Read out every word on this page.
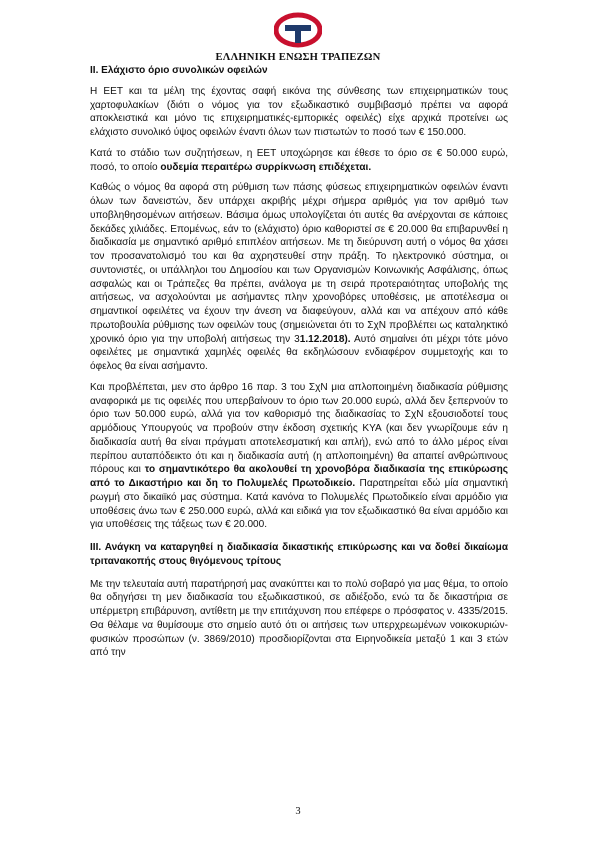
ΕΛΛΗΝΙΚΗ ΕΝΩΣΗ ΤΡΑΠΕΖΩΝ

ΙΙ. Ελάχιστο όριο συνολικών οφειλών

Η ΕΕΤ και τα μέλη της έχοντας σαφή εικόνα της σύνθεσης των επιχειρηματικών τους χαρτοφυλακίων (διότι ο νόμος για τον εξωδικαστικό συμβιβασμό πρέπει να αφορά αποκλειστικά και μόνο τις επιχειρηματικές-εμπορικές οφειλές) είχε αρχικά προτείνει ως ελάχιστο συνολικό ύψος οφειλών έναντι όλων των πιστωτών το ποσό των € 150.000.

Κατά το στάδιο των συζητήσεων, η ΕΕΤ υποχώρησε και έθεσε το όριο σε € 50.000 ευρώ, ποσό, το οποίο ουδεμία περαιτέρω συρρίκνωση επιδέχεται.

Καθώς ο νόμος θα αφορά στη ρύθμιση των πάσης φύσεως επιχειρηματικών οφειλών έναντι όλων των δανειστών, δεν υπάρχει ακριβής μέχρι σήμερα αριθμός για τον αριθμό των υποβληθησομένων αιτήσεων. Βάσιμα όμως υπολογίζεται ότι αυτές θα ανέρχονται σε κάποιες δεκάδες χιλιάδες. Επομένως, εάν το (ελάχιστο) όριο καθοριστεί σε € 20.000 θα επιβαρυνθεί η διαδικασία με σημαντικό αριθμό επιπλέον αιτήσεων. Με τη διεύρυνση αυτή ο νόμος θα χάσει τον προσανατολισμό του και θα αχρηστευθεί στην πράξη. Το ηλεκτρονικό σύστημα, οι συντονιστές, οι υπάλληλοι του Δημοσίου και των Οργανισμών Κοινωνικής Ασφάλισης, όπως ασφαλώς και οι Τράπεζες θα πρέπει, ανάλογα με τη σειρά προτεραιότητας υποβολής της αιτήσεως, να ασχολούνται με ασήμαντες πλην χρονοβόρες υποθέσεις, με αποτέλεσμα οι σημαντικοί οφειλέτες να έχουν την άνεση να διαφεύγουν, αλλά και να απέχουν από κάθε πρωτοβουλία ρύθμισης των οφειλών τους (σημειώνεται ότι το ΣχΝ προβλέπει ως καταληκτικό χρονικό όριο για την υποβολή αιτήσεως την 31.12.2018). Αυτό σημαίνει ότι μέχρι τότε μόνο οφειλέτες με σημαντικά χαμηλές οφειλές θα εκδηλώσουν ενδιαφέρον συμμετοχής και το όφελος θα είναι ασήμαντο.

Και προβλέπεται, μεν στο άρθρο 16 παρ. 3 του ΣχΝ μια απλοποιημένη διαδικασία ρύθμισης αναφορικά με τις οφειλές που υπερβαίνουν το όριο των 20.000 ευρώ, αλλά δεν ξεπερνούν το όριο των 50.000 ευρώ, αλλά για τον καθορισμό της διαδικασίας το ΣχΝ εξουσιοδοτεί τους αρμόδιους Υπουργούς να προβούν στην έκδοση σχετικής ΚΥΑ (και δεν γνωρίζουμε εάν η διαδικασία αυτή θα είναι πράγματι αποτελεσματική και απλή), ενώ από το άλλο μέρος είναι περίπου αυταπόδεικτο ότι και η διαδικασία αυτή (η απλοποιημένη) θα απαιτεί ανθρώπινους πόρους και το σημαντικότερο θα ακολουθεί τη χρονοβόρα διαδικασία της επικύρωσης από το Δικαστήριο και δη το Πολυμελές Πρωτοδικείο. Παρατηρείται εδώ μία σημαντική ρωγμή στο δικαιϊκό μας σύστημα. Κατά κανόνα το Πολυμελές Πρωτοδικείο είναι αρμόδιο για υποθέσεις άνω των € 250.000 ευρώ, αλλά και ειδικά για τον εξωδικαστικό θα είναι αρμόδιο και για υποθέσεις της τάξεως των € 20.000.

ΙΙΙ. Ανάγκη να καταργηθεί η διαδικασία δικαστικής επικύρωσης και να δοθεί δικαίωμα τριτανακοπής στους θιγόμενους τρίτους

Με την τελευταία αυτή παρατήρησή μας ανακύπτει και το πολύ σοβαρό για μας θέμα, το οποίο θα οδηγήσει τη μεν διαδικασία του εξωδικαστικού, σε αδιέξοδο, ενώ τα δε δικαστήρια σε υπέρμετρη επιβάρυνση, αντίθετη με την επιτάχυνση που επέφερε ο πρόσφατος ν. 4335/2015. Θα θέλαμε να θυμίσουμε στο σημείο αυτό ότι οι αιτήσεις των υπερχρεωμένων νοικοκυριών-φυσικών προσώπων (ν. 3869/2010) προσδιορίζονται στα Ειρηνοδικεία μεταξύ 1 και 3 ετών από την

3
